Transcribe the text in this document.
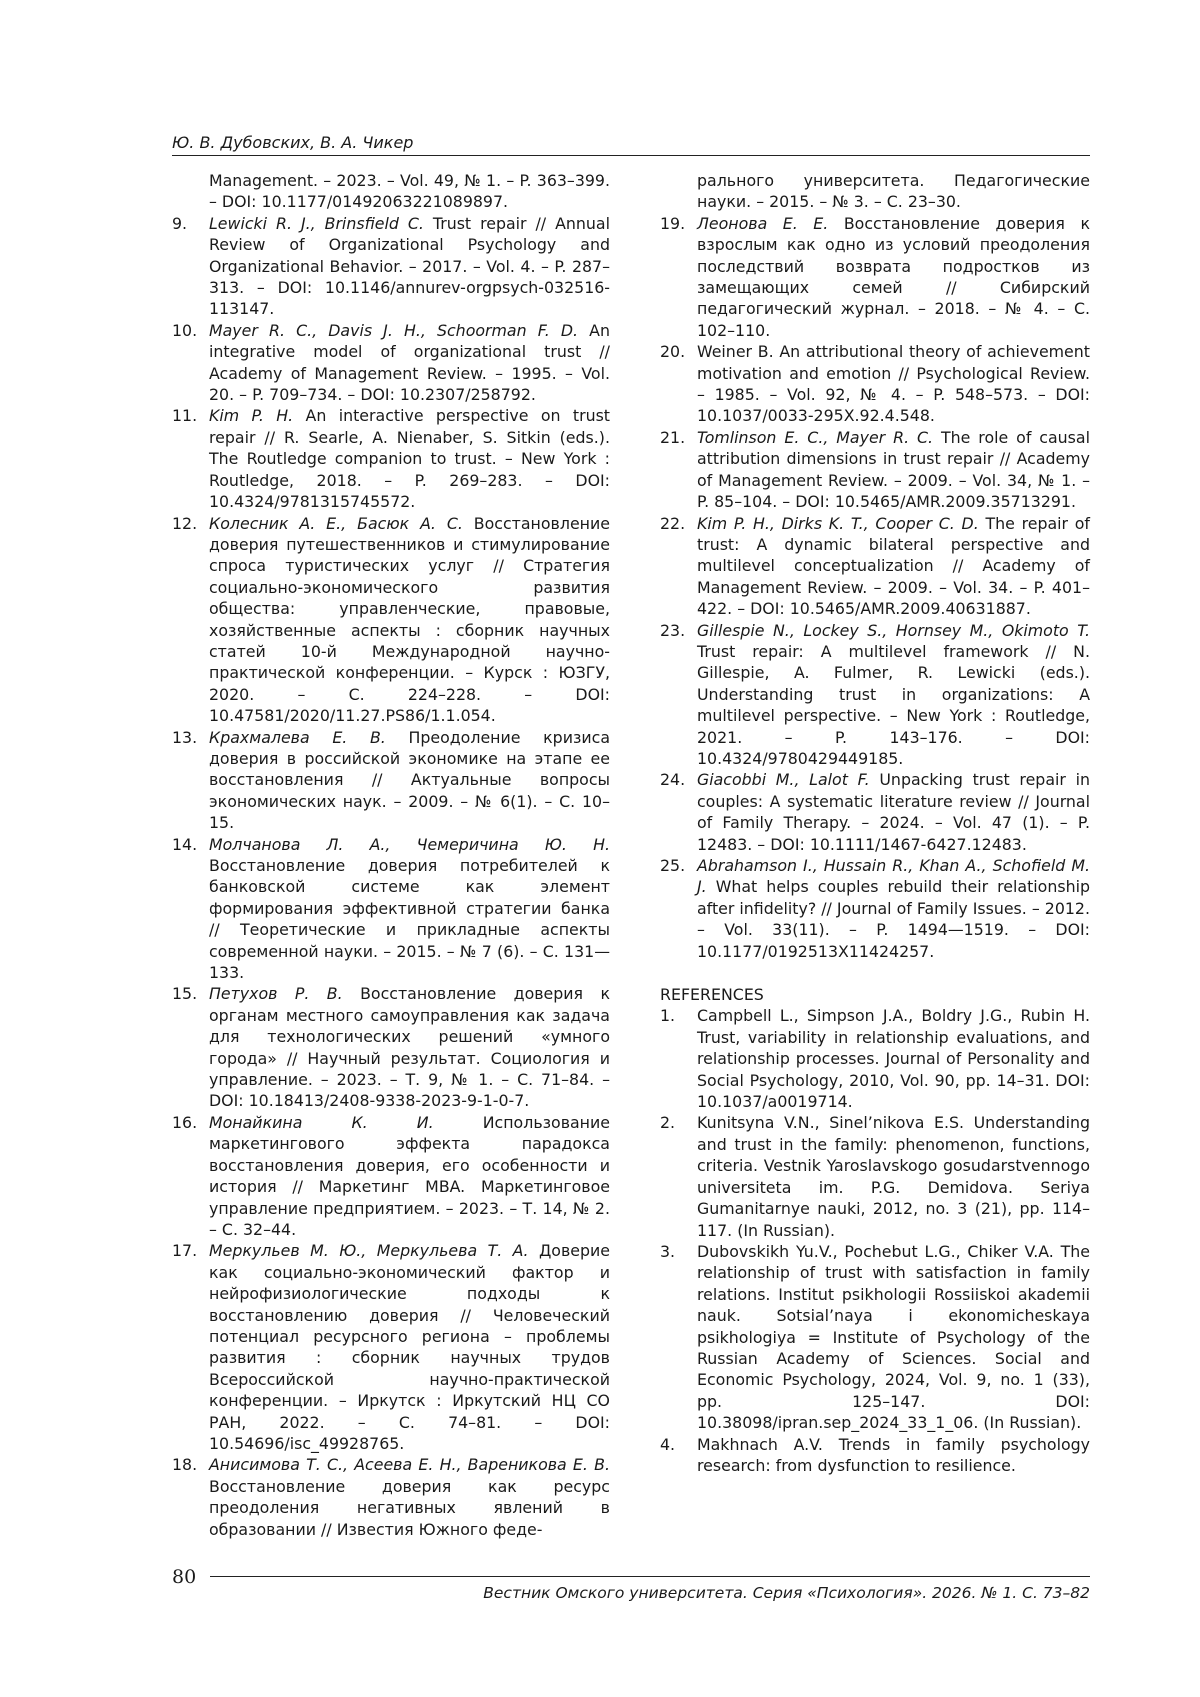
Ю. В. Дубовских, В. А. Чикер

Management. – 2023. – Vol. 49, № 1. – P. 363–399. – DOI: 10.1177/01492063221089897.

9. Lewicki R. J., Brinsfield C. Trust repair // Annual Review of Organizational Psychology and Organizational Behavior. – 2017. – Vol. 4. – P. 287–313. – DOI: 10.1146/annurev-orgpsych-032516-113147.

10. Mayer R. C., Davis J. H., Schoorman F. D. An integrative model of organizational trust // Academy of Management Review. – 1995. – Vol. 20. – P. 709–734. – DOI: 10.2307/258792.

11. Kim P. H. An interactive perspective on trust repair // R. Searle, A. Nienaber, S. Sitkin (eds.). The Routledge companion to trust. – New York : Routledge, 2018. – P. 269–283. – DOI: 10.4324/9781315745572.

12. Колесник А. Е., Басюк А. С. Восстановление доверия путешественников и стимулирование спроса туристических услуг // Стратегия социально-экономического развития общества: управленческие, правовые, хозяйственные аспекты : сборник научных статей 10-й Международной научно-практической конференции. – Курск : ЮЗГУ, 2020. – С. 224–228. – DOI: 10.47581/2020/11.27.PS86/1.1.054.

13. Крахмалева Е. В. Преодоление кризиса доверия в российской экономике на этапе ее восстановления // Актуальные вопросы экономических наук. – 2009. – № 6(1). – С. 10–15.

14. Молчанова Л. А., Чемеричина Ю. Н. Восстановление доверия потребителей к банковской системе как элемент формирования эффективной стратегии банка // Теоретические и прикладные аспекты современной науки. – 2015. – № 7 (6). – С. 131—133.

15. Петухов Р. В. Восстановление доверия к органам местного самоуправления как задача для технологических решений «умного города» // Научный результат. Социология и управление. – 2023. – Т. 9, № 1. – С. 71–84. – DOI: 10.18413/2408-9338-2023-9-1-0-7.

16. Монайкина К. И. Использование маркетингового эффекта парадокса восстановления доверия, его особенности и история // Маркетинг MBA. Маркетинговое управление предприятием. – 2023. – Т. 14, № 2. – С. 32–44.

17. Меркульев М. Ю., Меркульева Т. А. Доверие как социально-экономический фактор и нейрофизиологические подходы к восстановлению доверия // Человеческий потенциал ресурсного региона – проблемы развития : сборник научных трудов Всероссийской научно-практической конференции. – Иркутск : Иркутский НЦ СО РАН, 2022. – С. 74–81. – DOI: 10.54696/isc_49928765.

18. Анисимова Т. С., Асеева Е. Н., Вареникова Е. В. Восстановление доверия как ресурс преодоления негативных явлений в образовании // Известия Южного феде-

рального университета. Педагогические науки. – 2015. – № 3. – С. 23–30.

19. Леонова Е. Е. Восстановление доверия к взрослым как одно из условий преодоления последствий возврата подростков из замещающих семей // Сибирский педагогический журнал. – 2018. – № 4. – С. 102–110.

20. Weiner B. An attributional theory of achievement motivation and emotion // Psychological Review. – 1985. – Vol. 92, № 4. – P. 548–573. – DOI: 10.1037/0033-295X.92.4.548.

21. Tomlinson E. C., Mayer R. C. The role of causal attribution dimensions in trust repair // Academy of Management Review. – 2009. – Vol. 34, № 1. – P. 85–104. – DOI: 10.5465/AMR.2009.35713291.

22. Kim P. H., Dirks K. T., Cooper C. D. The repair of trust: A dynamic bilateral perspective and multilevel conceptualization // Academy of Management Review. – 2009. – Vol. 34. – P. 401–422. – DOI: 10.5465/AMR.2009.40631887.

23. Gillespie N., Lockey S., Hornsey M., Okimoto T. Trust repair: A multilevel framework // N. Gillespie, A. Fulmer, R. Lewicki (eds.). Understanding trust in organizations: A multilevel perspective. – New York : Routledge, 2021. – P. 143–176. – DOI: 10.4324/9780429449185.

24. Giacobbi M., Lalot F. Unpacking trust repair in couples: A systematic literature review // Journal of Family Therapy. – 2024. – Vol. 47 (1). – P. 12483. – DOI: 10.1111/1467-6427.12483.

25. Abrahamson I., Hussain R., Khan A., Schofield M. J. What helps couples rebuild their relationship after infidelity? // Journal of Family Issues. – 2012. – Vol. 33(11). – P. 1494—1519. – DOI: 10.1177/0192513X11424257.

REFERENCES

1. Campbell L., Simpson J.A., Boldry J.G., Rubin H. Trust, variability in relationship evaluations, and relationship processes. Journal of Personality and Social Psychology, 2010, Vol. 90, pp. 14–31. DOI: 10.1037/a0019714.

2. Kunitsyna V.N., Sinel’nikova E.S. Understanding and trust in the family: phenomenon, functions, criteria. Vestnik Yaroslavskogo gosudarstvennogo universiteta im. P.G. Demidova. Seriya Gumanitarnye nauki, 2012, no. 3 (21), pp. 114–117. (In Russian).

3. Dubovskikh Yu.V., Pochebut L.G., Chiker V.A. The relationship of trust with satisfaction in family relations. Institut psikhologii Rossiiskoi akademii nauk. Sotsial’naya i ekonomicheskaya psikhologiya = Institute of Psychology of the Russian Academy of Sciences. Social and Economic Psychology, 2024, Vol. 9, no. 1 (33), pp. 125–147. DOI: 10.38098/ipran.sep_2024_33_1_06. (In Russian).

4. Makhnach A.V. Trends in family psychology research: from dysfunction to resilience.

80
Вестник Омского университета. Серия «Психология». 2026. № 1. С. 73–82
